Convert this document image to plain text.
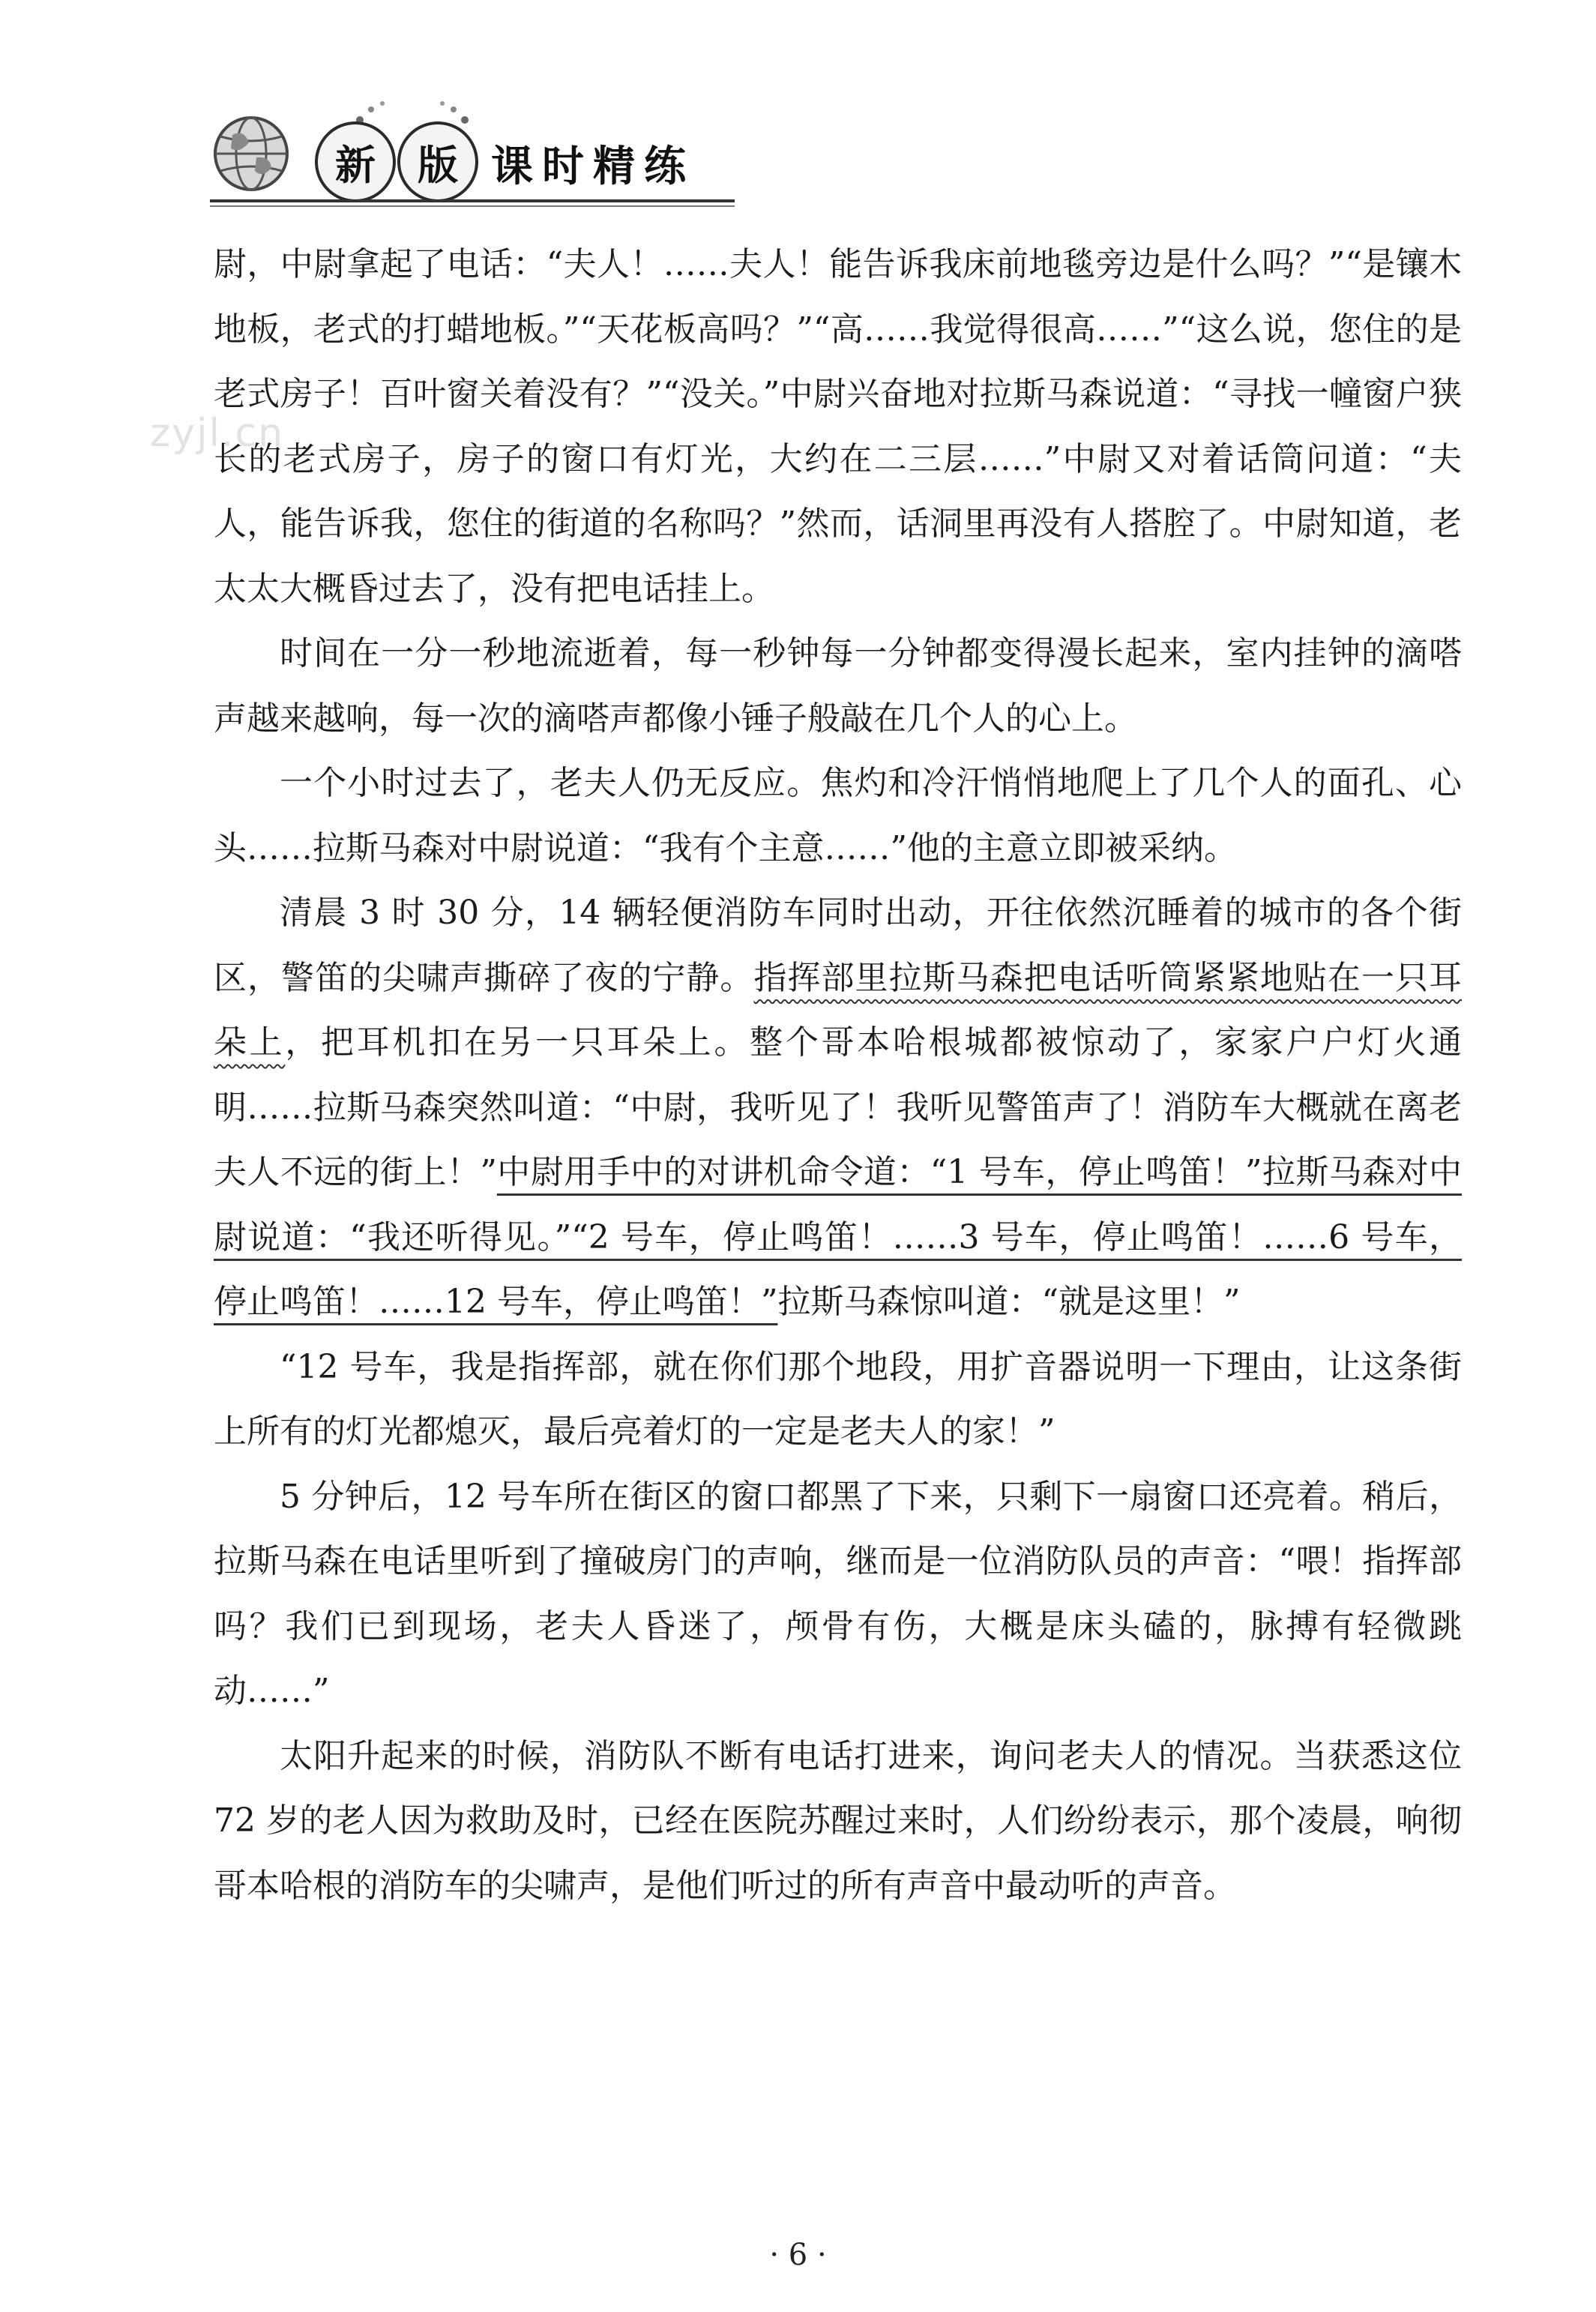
新	版 课时精练
zyjl.cn

尉，中尉拿起了电话：“夫人！……夫人！能告诉我床前地毯旁边是什么吗？”“是镶木地板，老式的打蜡地板。”“天花板高吗？”“高……我觉得很高……”“这么说，您住的是老式房子！百叶窗关着没有？”“没关。”中尉兴奋地对拉斯马森说道：“寻找一幢窗户狭长的老式房子，房子的窗口有灯光，大约在二三层……”中尉又对着话筒问道：“夫人，能告诉我，您住的街道的名称吗？”然而，话洞里再没有人搭腔了。中尉知道，老太太大概昏过去了，没有把电话挂上。

时间在一分一秒地流逝着，每一秒钟每一分钟都变得漫长起来，室内挂钟的滴嗒声越来越响，每一次的滴嗒声都像小锤子般敲在几个人的心上。

一个小时过去了，老夫人仍无反应。焦灼和冷汗悄悄地爬上了几个人的面孔、心头……拉斯马森对中尉说道：“我有个主意……”他的主意立即被采纳。

清晨 3 时 30 分，14 辆轻便消防车同时出动，开往依然沉睡着的城市的各个街区，警笛的尖啸声撕碎了夜的宁静。指挥部里拉斯马森把电话听筒紧紧地贴在一只耳朵上，把耳机扣在另一只耳朵上。整个哥本哈根城都被惊动了，家家户户灯火通明……拉斯马森突然叫道：“中尉，我听见了！我听见警笛声了！消防车大概就在离老夫人不远的街上！”中尉用手中的对讲机命令道：“1 号车，停止鸣笛！”拉斯马森对中尉说道：“我还听得见。”“2 号车，停止鸣笛！……3 号车，停止鸣笛！……6 号车，停止鸣笛！……12 号车，停止鸣笛！”拉斯马森惊叫道：“就是这里！”

“12 号车，我是指挥部，就在你们那个地段，用扩音器说明一下理由，让这条街上所有的灯光都熄灭，最后亮着灯的一定是老夫人的家！”

5 分钟后，12 号车所在街区的窗口都黑了下来，只剩下一扇窗口还亮着。稍后，拉斯马森在电话里听到了撞破房门的声响，继而是一位消防队员的声音：“喂！指挥部吗？我们已到现场，老夫人昏迷了，颅骨有伤，大概是床头磕的，脉搏有轻微跳动……”

太阳升起来的时候，消防队不断有电话打进来，询问老夫人的情况。当获悉这位 72 岁的老人因为救助及时，已经在医院苏醒过来时，人们纷纷表示，那个凌晨，响彻哥本哈根的消防车的尖啸声，是他们听过的所有声音中最动听的声音。

· 6 ·
